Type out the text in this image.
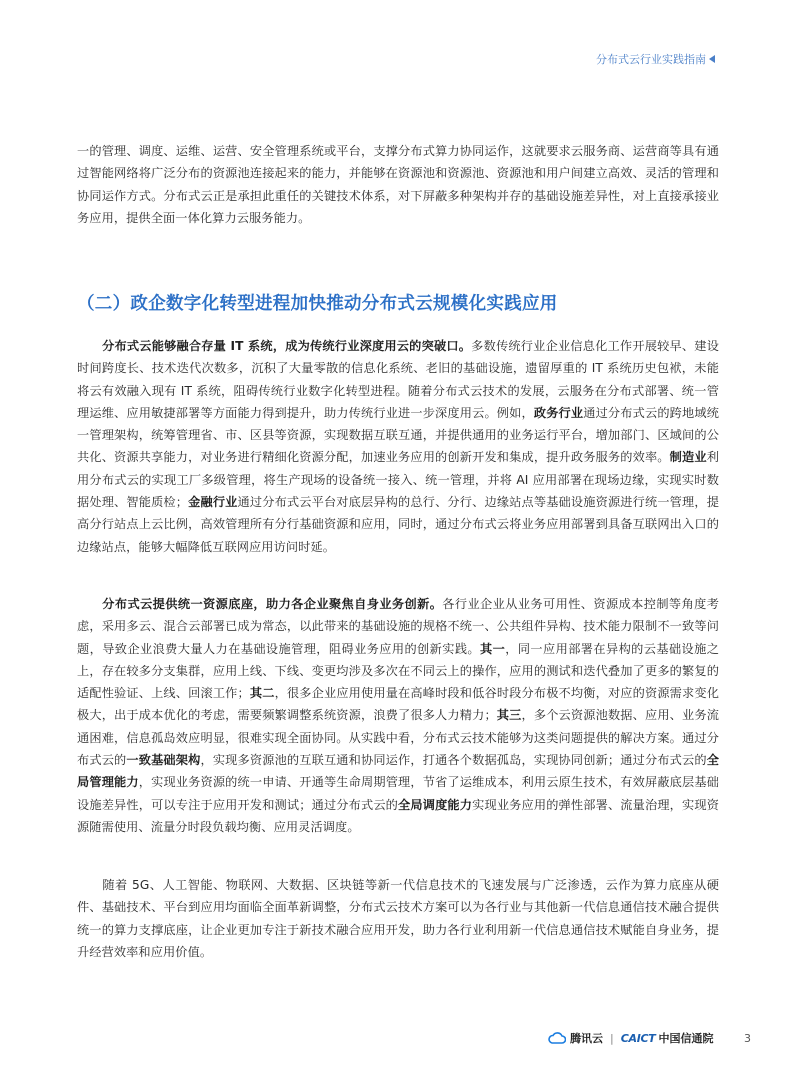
分布式云行业实践指南

一的管理、调度、运维、运营、安全管理系统或平台，支撑分布式算力协同运作，这就要求云服务商、运营商等具有通过智能网络将广泛分布的资源池连接起来的能力，并能够在资源池和资源池、资源池和用户间建立高效、灵活的管理和协同运作方式。分布式云正是承担此重任的关键技术体系，对下屏蔽多种架构并存的基础设施差异性，对上直接承接业务应用，提供全面一体化算力云服务能力。

（二）政企数字化转型进程加快推动分布式云规模化实践应用

分布式云能够融合存量 IT 系统，成为传统行业深度用云的突破口。多数传统行业企业信息化工作开展较早、建设时间跨度长、技术迭代次数多，沉积了大量零散的信息化系统、老旧的基础设施，遗留厚重的 IT 系统历史包袱，未能将云有效融入现有 IT 系统，阻碍传统行业数字化转型进程。随着分布式云技术的发展，云服务在分布式部署、统一管理运维、应用敏捷部署等方面能力得到提升，助力传统行业进一步深度用云。例如，政务行业通过分布式云的跨地域统一管理架构，统筹管理省、市、区县等资源，实现数据互联互通，并提供通用的业务运行平台，增加部门、区域间的公共化、资源共享能力，对业务进行精细化资源分配，加速业务应用的创新开发和集成，提升政务服务的效率。制造业利用分布式云的实现工厂多级管理，将生产现场的设备统一接入、统一管理，并将 AI 应用部署在现场边缘，实现实时数据处理、智能质检；金融行业通过分布式云平台对底层异构的总行、分行、边缘站点等基础设施资源进行统一管理，提高分行站点上云比例，高效管理所有分行基础资源和应用，同时，通过分布式云将业务应用部署到具备互联网出入口的边缘站点，能够大幅降低互联网应用访问时延。

分布式云提供统一资源底座，助力各企业聚焦自身业务创新。各行业企业从业务可用性、资源成本控制等角度考虑，采用多云、混合云部署已成为常态，以此带来的基础设施的规格不统一、公共组件异构、技术能力限制不一致等问题，导致企业浪费大量人力在基础设施管理，阻碍业务应用的创新实践。其一，同一应用部署在异构的云基础设施之上，存在较多分支集群，应用上线、下线、变更均涉及多次在不同云上的操作，应用的测试和迭代叠加了更多的繁复的适配性验证、上线、回滚工作；其二，很多企业应用使用量在高峰时段和低谷时段分布极不均衡，对应的资源需求变化极大，出于成本优化的考虑，需要频繁调整系统资源，浪费了很多人力精力；其三，多个云资源池数据、应用、业务流通困难，信息孤岛效应明显，很难实现全面协同。从实践中看，分布式云技术能够为这类问题提供的解决方案。通过分布式云的一致基础架构，实现多资源池的互联互通和协同运作，打通各个数据孤岛，实现协同创新；通过分布式云的全局管理能力，实现业务资源的统一申请、开通等生命周期管理，节省了运维成本，利用云原生技术，有效屏蔽底层基础设施差异性，可以专注于应用开发和测试；通过分布式云的全局调度能力实现业务应用的弹性部署、流量治理，实现资源随需使用、流量分时段负载均衡、应用灵活调度。

随着 5G、人工智能、物联网、大数据、区块链等新一代信息技术的飞速发展与广泛渗透，云作为算力底座从硬件、基础技术、平台到应用均面临全面革新调整，分布式云技术方案可以为各行业与其他新一代信息通信技术融合提供统一的算力支撑底座，让企业更加专注于新技术融合应用开发，助力各行业利用新一代信息通信技术赋能自身业务，提升经营效率和应用价值。

腾讯云 | CAICT 中国信通院	3
